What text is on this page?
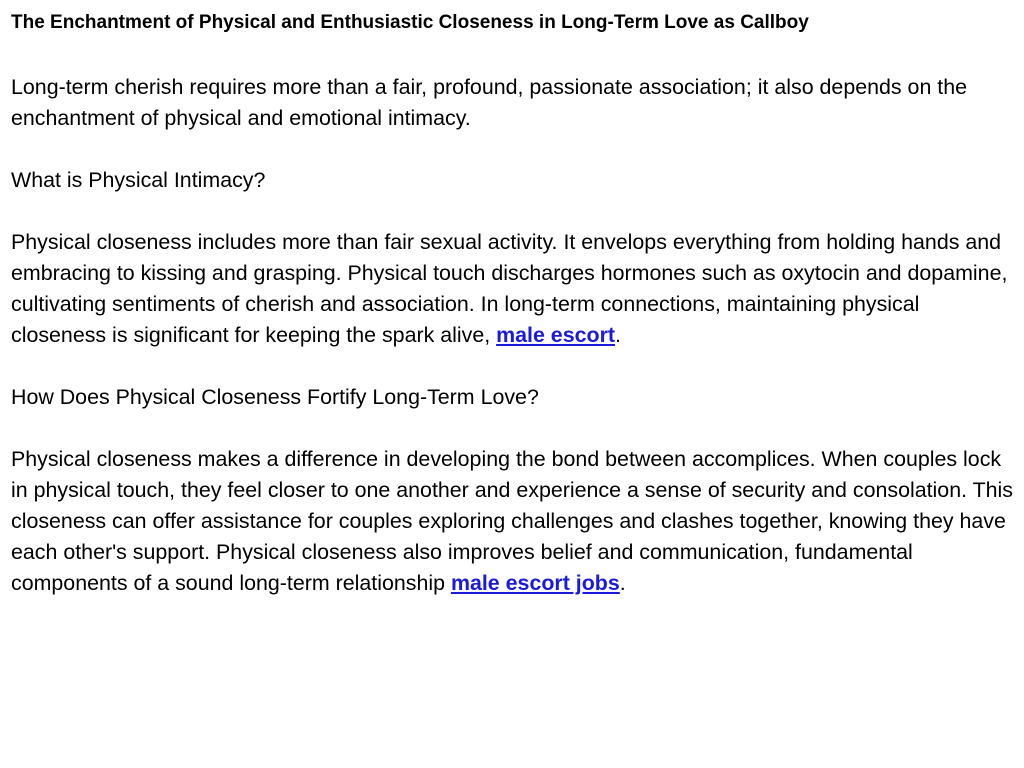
The Enchantment of Physical and Enthusiastic Closeness in Long-Term Love as Callboy

Long-term cherish requires more than a fair, profound, passionate association; it also depends on the enchantment of physical and emotional intimacy.

What is Physical Intimacy?

Physical closeness includes more than fair sexual activity. It envelops everything from holding hands and embracing to kissing and grasping. Physical touch discharges hormones such as oxytocin and dopamine, cultivating sentiments of cherish and association. In long-term connections, maintaining physical closeness is significant for keeping the spark alive, male escort.

How Does Physical Closeness Fortify Long-Term Love?

Physical closeness makes a difference in developing the bond between accomplices. When couples lock in physical touch, they feel closer to one another and experience a sense of security and consolation. This closeness can offer assistance for couples exploring challenges and clashes together, knowing they have each other's support. Physical closeness also improves belief and communication, fundamental components of a sound long-term relationship male escort jobs.
